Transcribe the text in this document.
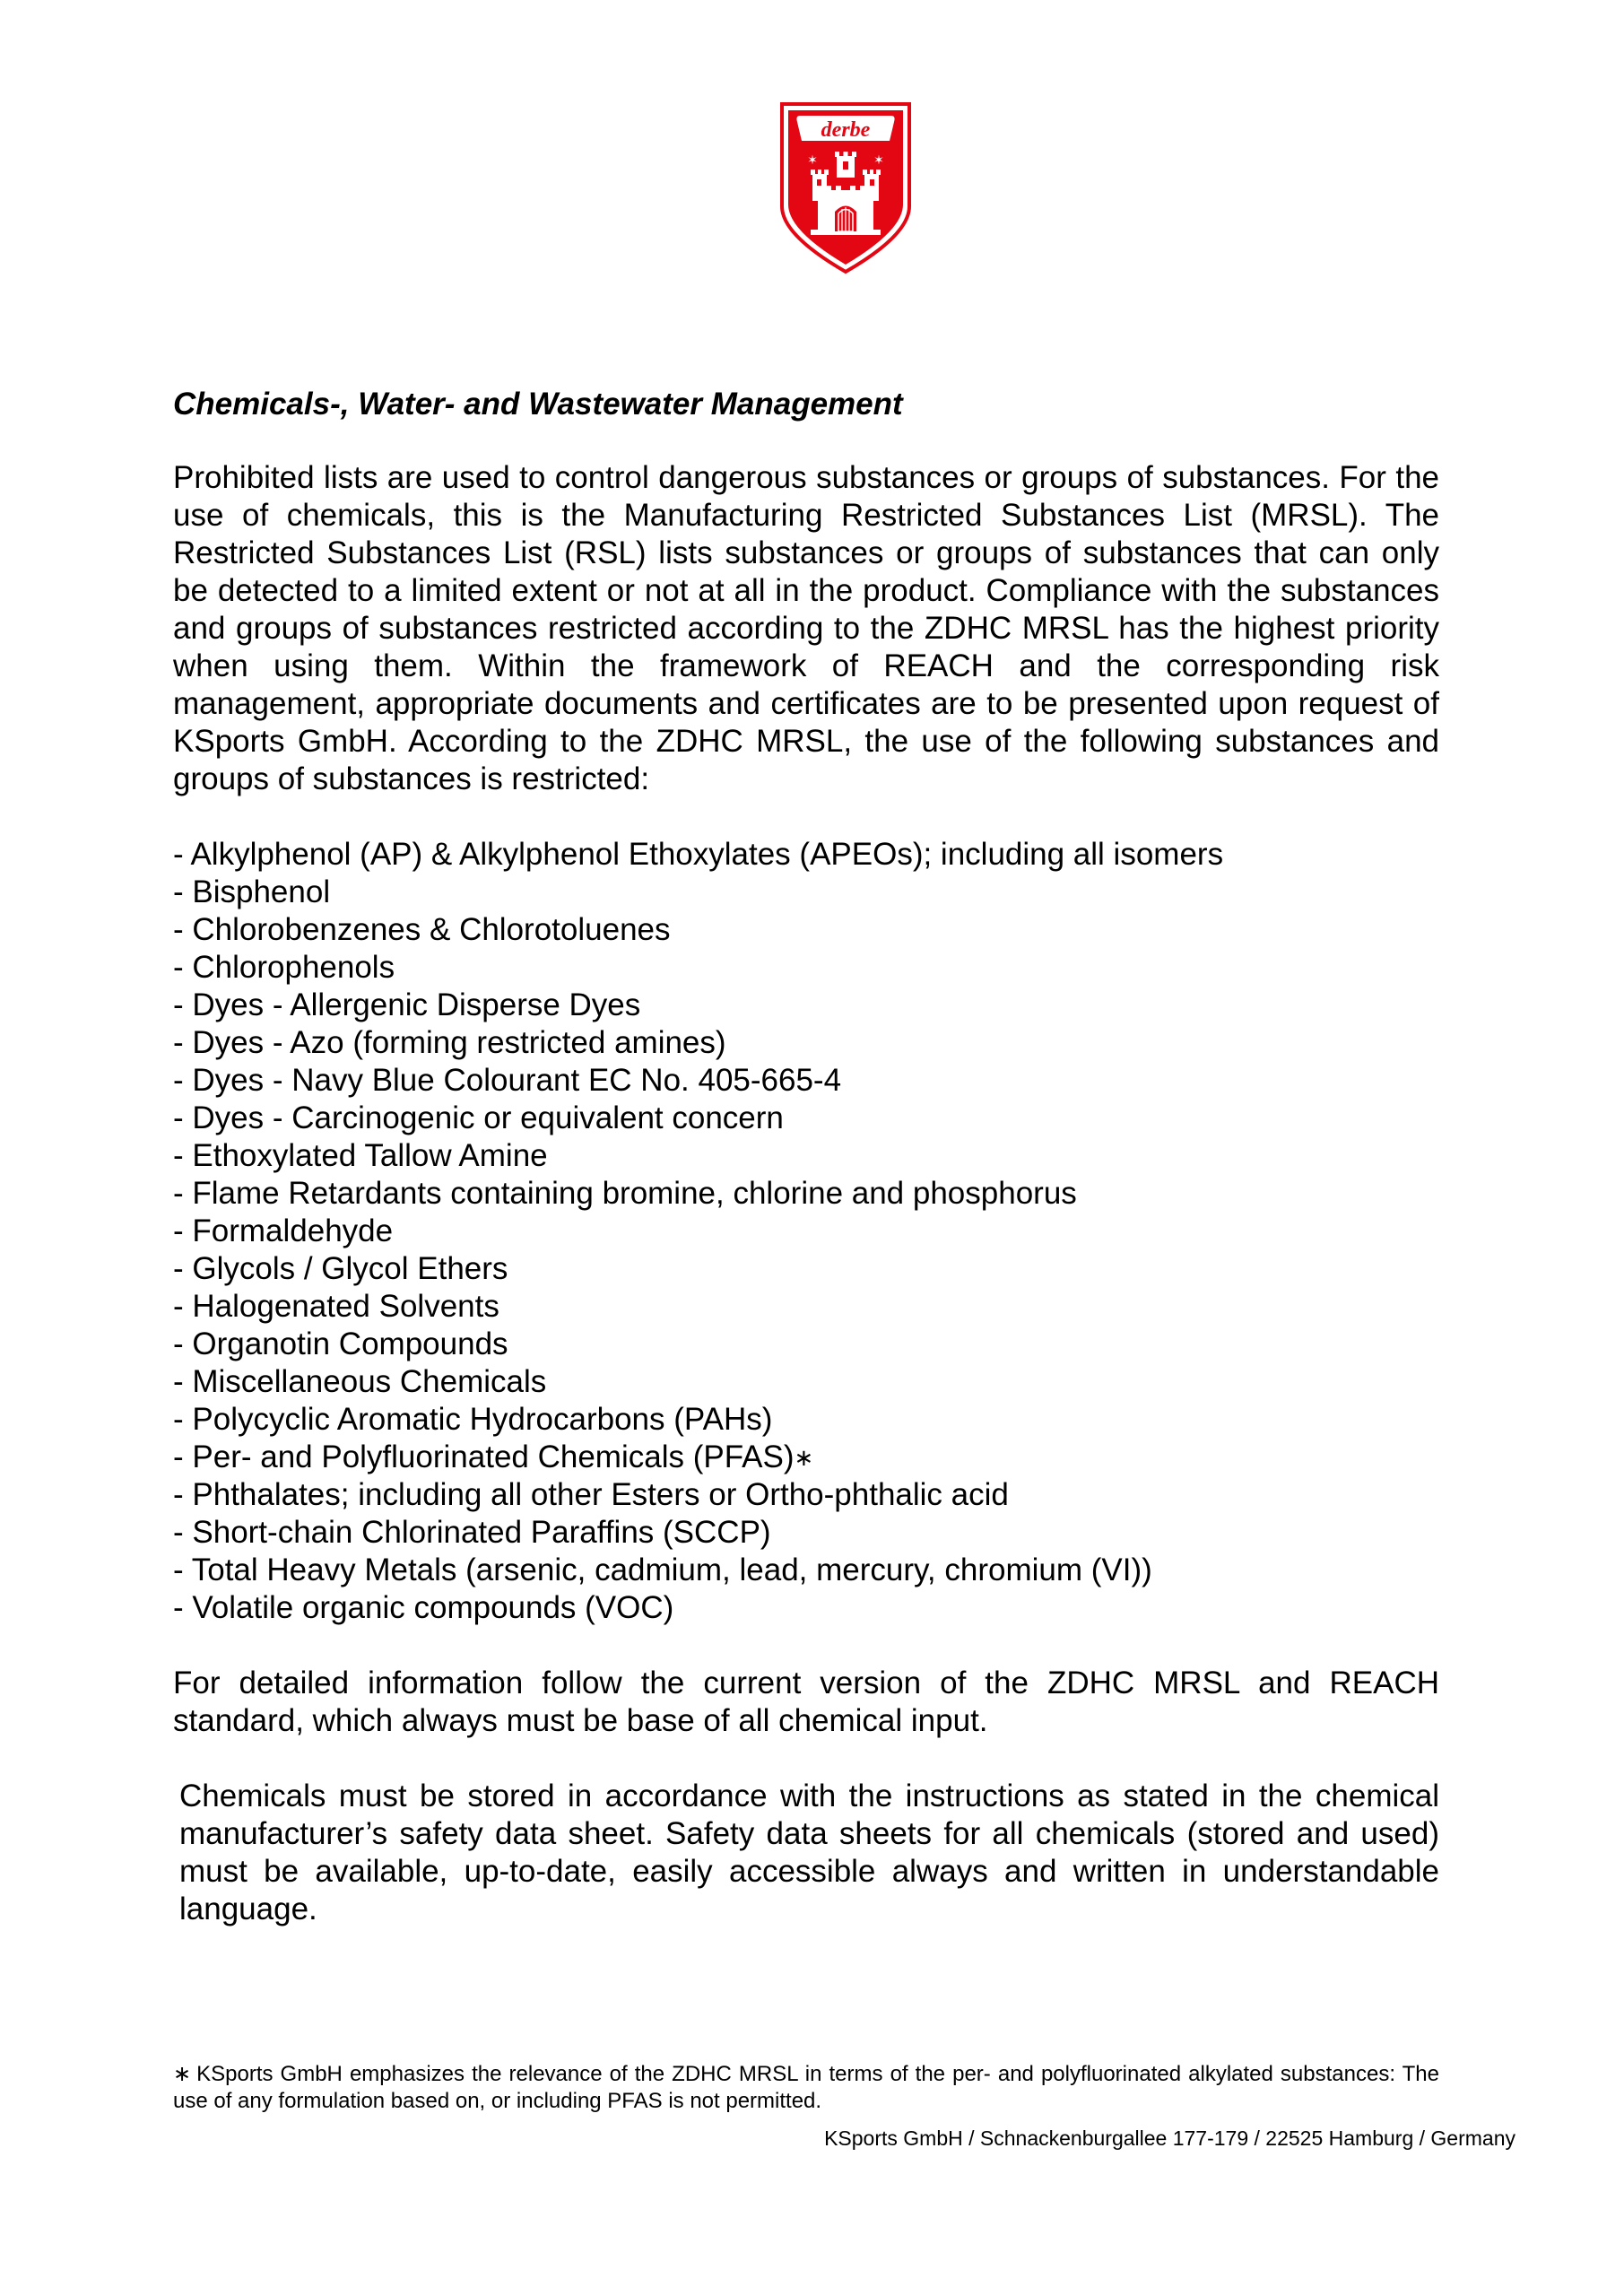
derbe
✶	✶
Chemicals-, Water- and Wastewater Management

Prohibited lists are used to control dangerous substances or groups of substances. For the use of chemicals, this is the Manufacturing Restricted Substances List (MRSL). The Restricted Substances List (RSL) lists substances or groups of substances that can only be detected to a limited extent or not at all in the product. Compliance with the substances and groups of substances restricted according to the ZDHC MRSL has the highest priority when using them. Within the framework of REACH and the corresponding risk management, appropriate documents and certificates are to be presented upon request of KSports GmbH. According to the ZDHC MRSL, the use of the following substances and groups of substances is restricted:

- Alkylphenol (AP) & Alkylphenol Ethoxylates (APEOs); including all isomers
- Bisphenol
- Chlorobenzenes & Chlorotoluenes
- Chlorophenols
- Dyes - Allergenic Disperse Dyes
- Dyes - Azo (forming restricted amines)
- Dyes - Navy Blue Colourant EC No. 405-665-4
- Dyes - Carcinogenic or equivalent concern
- Ethoxylated Tallow Amine
- Flame Retardants containing bromine, chlorine and phosphorus
- Formaldehyde
- Glycols / Glycol Ethers
- Halogenated Solvents
- Organotin Compounds
- Miscellaneous Chemicals
- Polycyclic Aromatic Hydrocarbons (PAHs)
- Per- and Polyfluorinated Chemicals (PFAS)∗
- Phthalates; including all other Esters or Ortho-phthalic acid
- Short-chain Chlorinated Paraffins (SCCP)
- Total Heavy Metals (arsenic, cadmium, lead, mercury, chromium (VI))
- Volatile organic compounds (VOC)

For detailed information follow the current version of the ZDHC MRSL and REACH standard, which always must be base of all chemical input.

Chemicals must be stored in accordance with the instructions as stated in the chemical manufacturer’s safety data sheet. Safety data sheets for all chemicals (stored and used) must be available, up-to-date, easily accessible always and written in understandable language.

∗ KSports GmbH emphasizes the relevance of the ZDHC MRSL in terms of the per- and polyfluorinated alkylated substances: The use of any formulation based on, or including PFAS is not permitted.

KSports GmbH / Schnackenburgallee 177-179 / 22525 Hamburg / Germany
